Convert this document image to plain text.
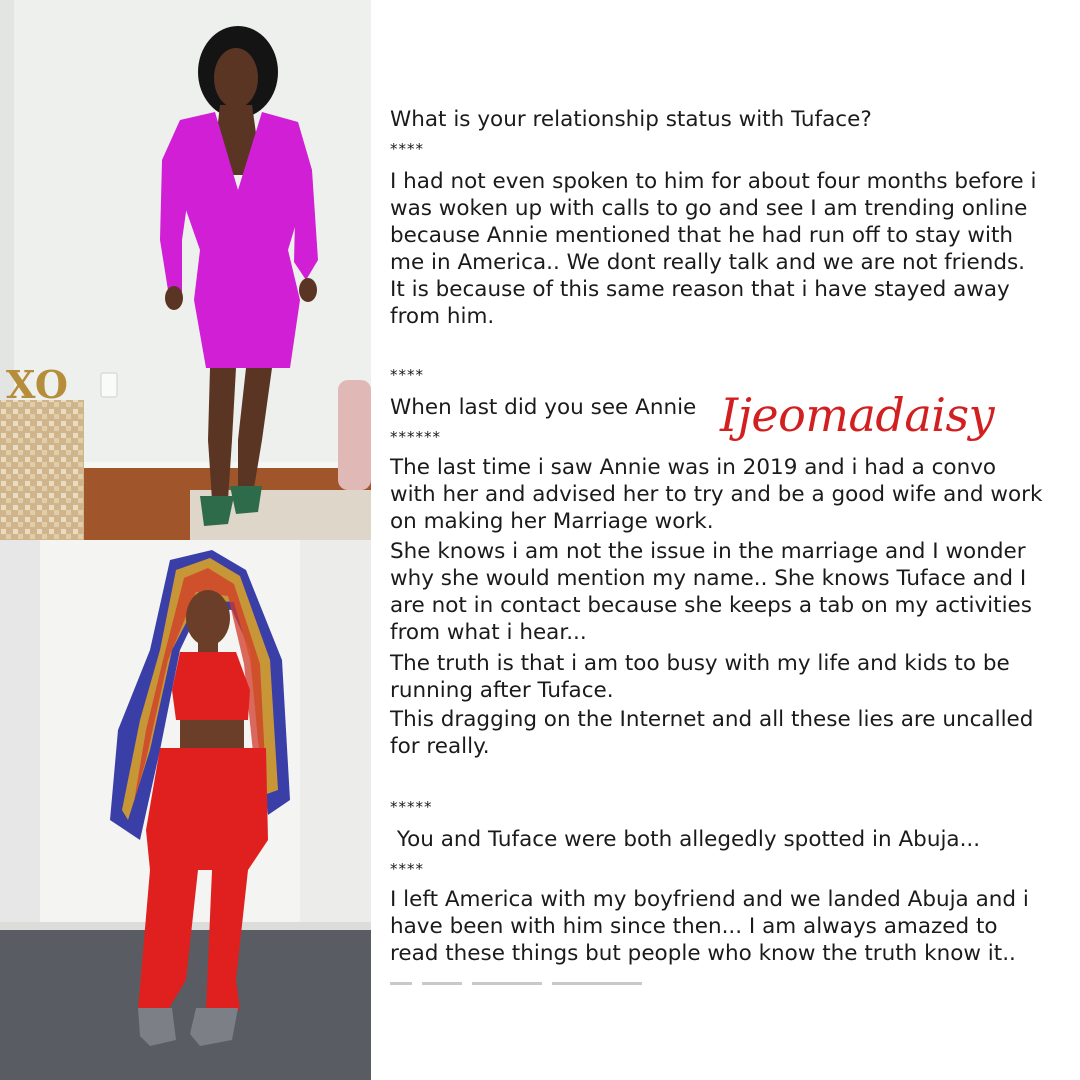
XO
What is your relationship status with Tuface?
****
I had not even spoken to him for about four months before i was woken up with calls to go and see I am trending online because Annie mentioned that he had run off to stay with me in America.. We dont really talk and we are not friends. It is because of this same reason that i have stayed away from him.
****
When last did you see Annie
******
The last time i saw Annie was in 2019 and i had a convo with her and advised her to try and be a good wife and work on making her Marriage work.
She knows i am not the issue in the marriage and I wonder why she would mention my name.. She knows Tuface and I are not in contact because she keeps a tab on my activities from what i hear...
The truth is that i am too busy with my life and kids to be running after Tuface.
This dragging on the Internet and all these lies are uncalled for really.
*****
You and Tuface were both allegedly spotted in Abuja...
****
I left America with my boyfriend and we landed Abuja and i have been with him since then... I am always amazed to read these things but people who know the truth know it..
Ijeomadaisy
